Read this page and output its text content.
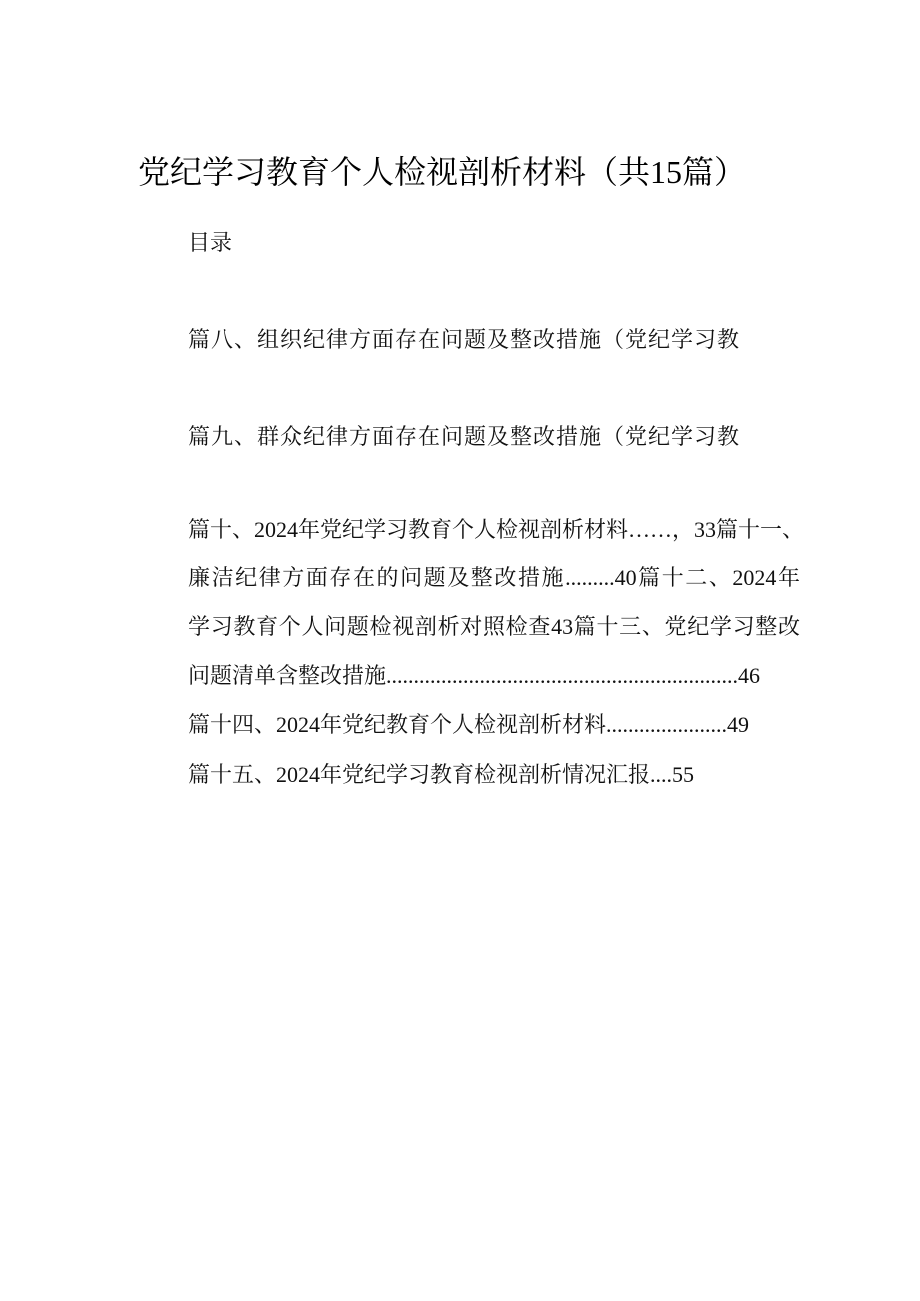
党纪学习教育个人检视剖析材料（共15篇）
目录
篇八、组织纪律方面存在问题及整改措施（党纪学习教
篇九、群众纪律方面存在问题及整改措施（党纪学习教
篇十、2024年党纪学习教育个人检视剖析材料……，33篇十一、
廉洁纪律方面存在的问题及整改措施.........40篇十二、2024年
学习教育个人问题检视剖析对照检查43篇十三、党纪学习整改
问题清单含整改措施................................................................46
篇十四、2024年党纪教育个人检视剖析材料......................49
篇十五、2024年党纪学习教育检视剖析情况汇报....55
